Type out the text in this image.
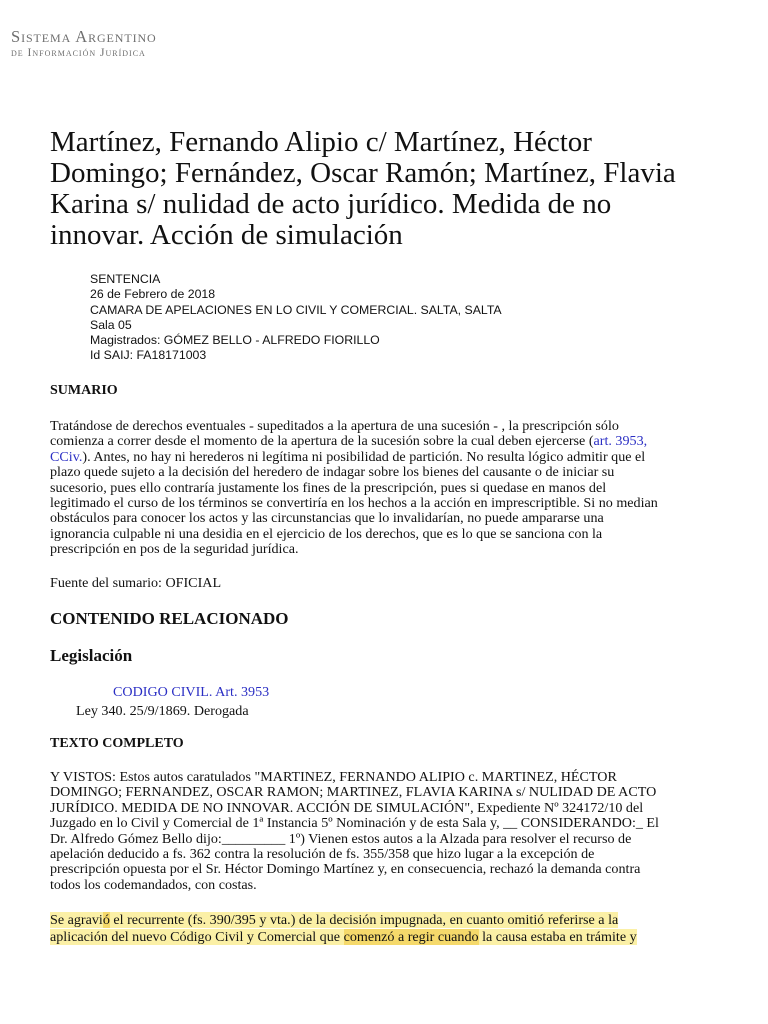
Sistema Argentino
de Información Jurídica
Martínez, Fernando Alipio c/ Martínez, Héctor
Domingo; Fernández, Oscar Ramón; Martínez, Flavia
Karina s/ nulidad de acto jurídico. Medida de no
innovar. Acción de simulación
SENTENCIA
26 de Febrero de 2018
CAMARA DE APELACIONES EN LO CIVIL Y COMERCIAL. SALTA, SALTA
Sala 05
Magistrados: GÓMEZ BELLO - ALFREDO FIORILLO
Id SAIJ: FA18171003
SUMARIO
Tratándose de derechos eventuales - supeditados a la apertura de una sucesión - , la prescripción sólo
comienza a correr desde el momento de la apertura de la sucesión sobre la cual deben ejercerse (art. 3953,
CCiv.). Antes, no hay ni herederos ni legítima ni posibilidad de partición. No resulta lógico admitir que el
plazo quede sujeto a la decisión del heredero de indagar sobre los bienes del causante o de iniciar su
sucesorio, pues ello contraría justamente los fines de la prescripción, pues si quedase en manos del
legitimado el curso de los términos se convertiría en los hechos a la acción en imprescriptible. Si no median
obstáculos para conocer los actos y las circunstancias que lo invalidarían, no puede ampararse una
ignorancia culpable ni una desidia en el ejercicio de los derechos, que es lo que se sanciona con la
prescripción en pos de la seguridad jurídica.
Fuente del sumario: OFICIAL
CONTENIDO RELACIONADO
Legislación
CODIGO CIVIL. Art. 3953
Ley 340. 25/9/1869. Derogada
TEXTO COMPLETO
Y VISTOS: Estos autos caratulados "MARTINEZ, FERNANDO ALIPIO c. MARTINEZ, HÉCTOR
DOMINGO; FERNANDEZ, OSCAR RAMON; MARTINEZ, FLAVIA KARINA s/ NULIDAD DE ACTO
JURÍDICO. MEDIDA DE NO INNOVAR. ACCIÓN DE SIMULACIÓN", Expediente Nº 324172/10 del
Juzgado en lo Civil y Comercial de 1ª Instancia 5º Nominación y de esta Sala y, __ CONSIDERANDO:_ El
Dr. Alfredo Gómez Bello dijo:_________ 1º) Vienen estos autos a la Alzada para resolver el recurso de
apelación deducido a fs. 362 contra la resolución de fs. 355/358 que hizo lugar a la excepción de
prescripción opuesta por el Sr. Héctor Domingo Martínez y, en consecuencia, rechazó la demanda contra
todos los codemandados, con costas.
Se agravió el recurrente (fs. 390/395 y vta.) de la decisión impugnada, en cuanto omitió referirse a la
aplicación del nuevo Código Civil y Comercial que comenzó a regir cuando la causa estaba en trámite y
